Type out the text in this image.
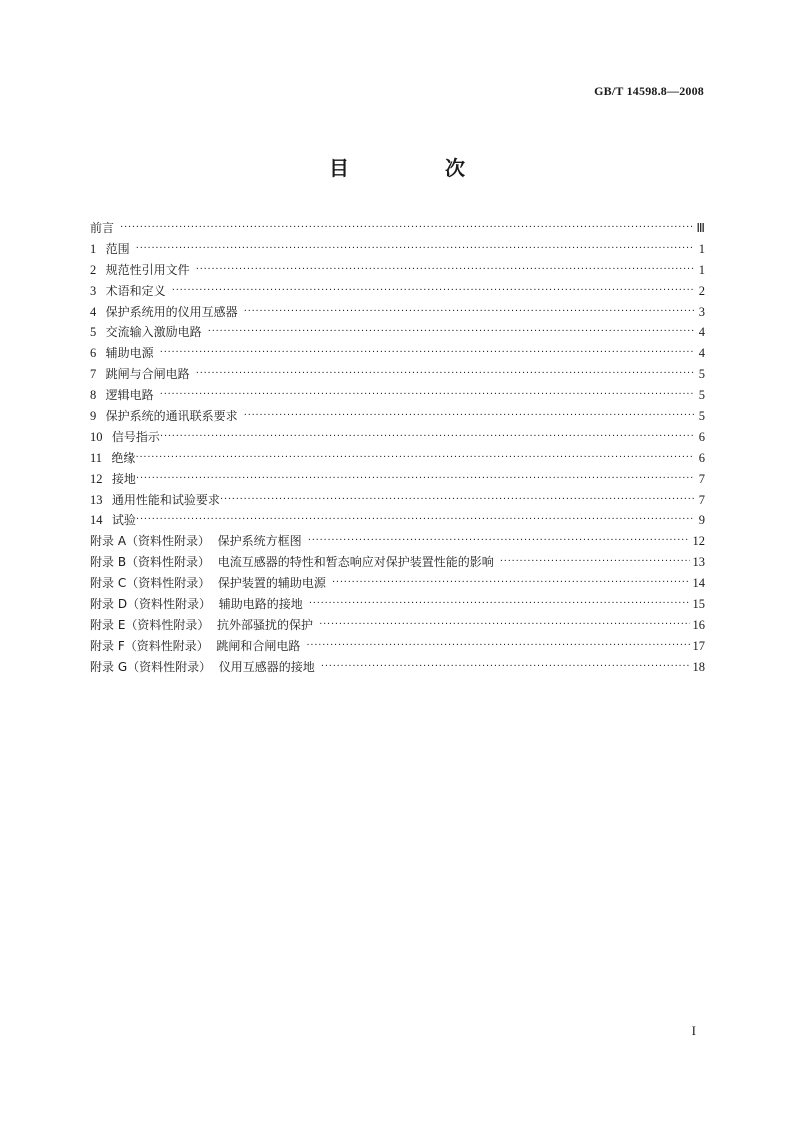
GB/T 14598.8—2008
目　次
前言 ·····	Ⅲ
1 范围 ·····	1
2 规范性引用文件 ·····	1
3 术语和定义 ·····	2
4 保护系统用的仪用互感器 ·····	3
5 交流输入激励电路 ·····	4
6 辅助电源 ·····	4
7 跳闸与合闸电路 ·····	5
8 逻辑电路 ·····	5
9 保护系统的通讯联系要求 ·····	5
10 信号指示 ·····	6
11 绝缘 ·····	6
12 接地 ·····	7
13 通用性能和试验要求 ·····	7
14 试验 ·····	9
附录 A（资料性附录） 保护系统方框图 ·····	12
附录 B（资料性附录） 电流互感器的特性和暂态响应对保护装置性能的影响 ·····	13
附录 C（资料性附录） 保护装置的辅助电源 ·····	14
附录 D（资料性附录） 辅助电路的接地 ·····	15
附录 E（资料性附录） 抗外部骚扰的保护 ·····	16
附录 F（资料性附录） 跳闸和合闸电路 ·····	17
附录 G（资料性附录） 仪用互感器的接地 ·····	18
I
